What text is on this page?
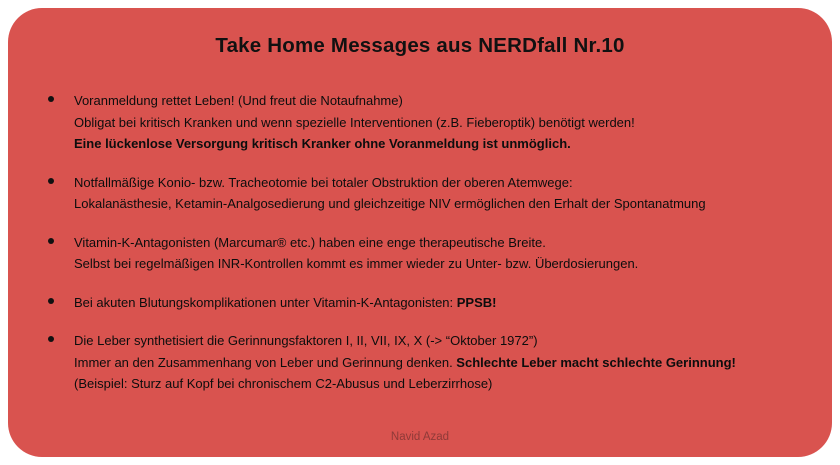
Take Home Messages aus NERDfall Nr.10
Voranmeldung rettet Leben! (Und freut die Notaufnahme)
Obligat bei kritisch Kranken und wenn spezielle Interventionen (z.B. Fieberoptik) benötigt werden!
Eine lückenlose Versorgung kritisch Kranker ohne Voranmeldung ist unmöglich.
Notfallmäßige Konio- bzw. Tracheotomie bei totaler Obstruktion der oberen Atemwege:
Lokalanästhesie, Ketamin-Analgosedierung und gleichzeitige NIV ermöglichen den Erhalt der Spontanatmung
Vitamin-K-Antagonisten (Marcumar® etc.) haben eine enge therapeutische Breite.
Selbst bei regelmäßigen INR-Kontrollen kommt es immer wieder zu Unter- bzw. Überdosierungen.
Bei akuten Blutungskomplikationen unter Vitamin-K-Antagonisten: PPSB!
Die Leber synthetisiert die Gerinnungsfaktoren I, II, VII, IX, X (-> “Oktober 1972”)
Immer an den Zusammenhang von Leber und Gerinnung denken. Schlechte Leber macht schlechte Gerinnung!
(Beispiel: Sturz auf Kopf bei chronischem C2-Abusus und Leberzirrhose)
Navid Azad
